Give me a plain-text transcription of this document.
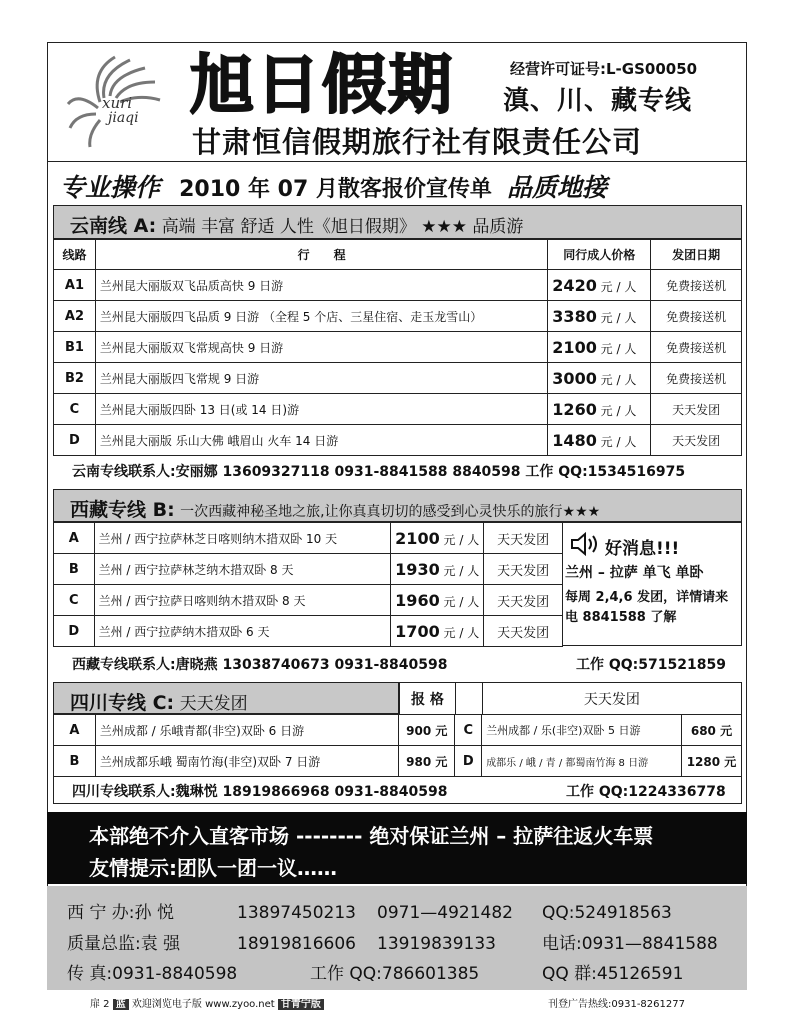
xuri
jiaqi 旭日假期	经营许可证号:L-GS00050
滇、川、藏专线
甘肃恒信假期旅行社有限责任公司
专业操作 2010 年 07 月散客报价宣传单 品质地接
云南线 A: 高端 丰富 舒适 人性《旭日假期》 ★★★ 品质游
线路	行　　程	同行成人价格	发团日期
A1	兰州昆大丽版双飞品质高快 9 日游	2420 元 / 人	免费接送机
A2	兰州昆大丽版四飞品质 9 日游 （全程 5 个店、三星住宿、走玉龙雪山）	3380 元 / 人	免费接送机
B1	兰州昆大丽版双飞常规高快 9 日游	2100 元 / 人	免费接送机
B2	兰州昆大丽版四飞常规 9 日游	3000 元 / 人	免费接送机
C	兰州昆大丽版四卧 13 日(或 14 日)游	1260 元 / 人	天天发团
D	兰州昆大丽版 乐山大佛 峨眉山 火车 14 日游	1480 元 / 人	天天发团
云南专线联系人:安丽娜 13609327118 0931-8841588 8840598 工作 QQ:1534516975
西藏专线 B: 一次西藏神秘圣地之旅,让你真真切切的感受到心灵快乐的旅行★★★
A	兰州 / 西宁拉萨林芝日喀则纳木措双卧 10 天	2100 元 / 人	天天发团
B	兰州 / 西宁拉萨林芝纳木措双卧 8 天	1930 元 / 人	天天发团
C	兰州 / 西宁拉萨日喀则纳木措双卧 8 天	1960 元 / 人	天天发团
D	兰州 / 西宁拉萨纳木措双卧 6 天	1700 元 / 人	天天发团
好消息!!!
兰州 – 拉萨 单飞 单卧
每周 2,4,6 发团，详情请来电 8841588 了解
西藏专线联系人:唐晓燕 13038740673 0931-8840598	工作 QQ:571521859
四川专线 C: 天天发团	报 格		天天发团
A	兰州成都 / 乐峨青都(非空)双卧 6 日游	900 元	C	兰州成都 / 乐(非空)双卧 5 日游	680 元
B	兰州成都乐峨 蜀南竹海(非空)双卧 7 日游	980 元	D	成都乐 / 峨 / 青 / 都蜀南竹海 8 日游	1280 元
四川专线联系人:魏琳悦 18919866968 0931-8840598	工作 QQ:1224336778
本部绝不介入直客市场 -------- 绝对保证兰州 – 拉萨往返火车票
友情提示:团队一团一议……
西 宁 办:孙 悦	13897450213 0971—4921482 QQ:524918563
质量总监:袁 强	18919816606 13919839133	电话:0931—8841588
传 真:0931-8840598	工作 QQ:786601385	QQ 群:45126591
扉 2 蓝 欢迎浏览电子版 www.zyoo.net 甘青宁版	刊登广告热线:0931-8261277
